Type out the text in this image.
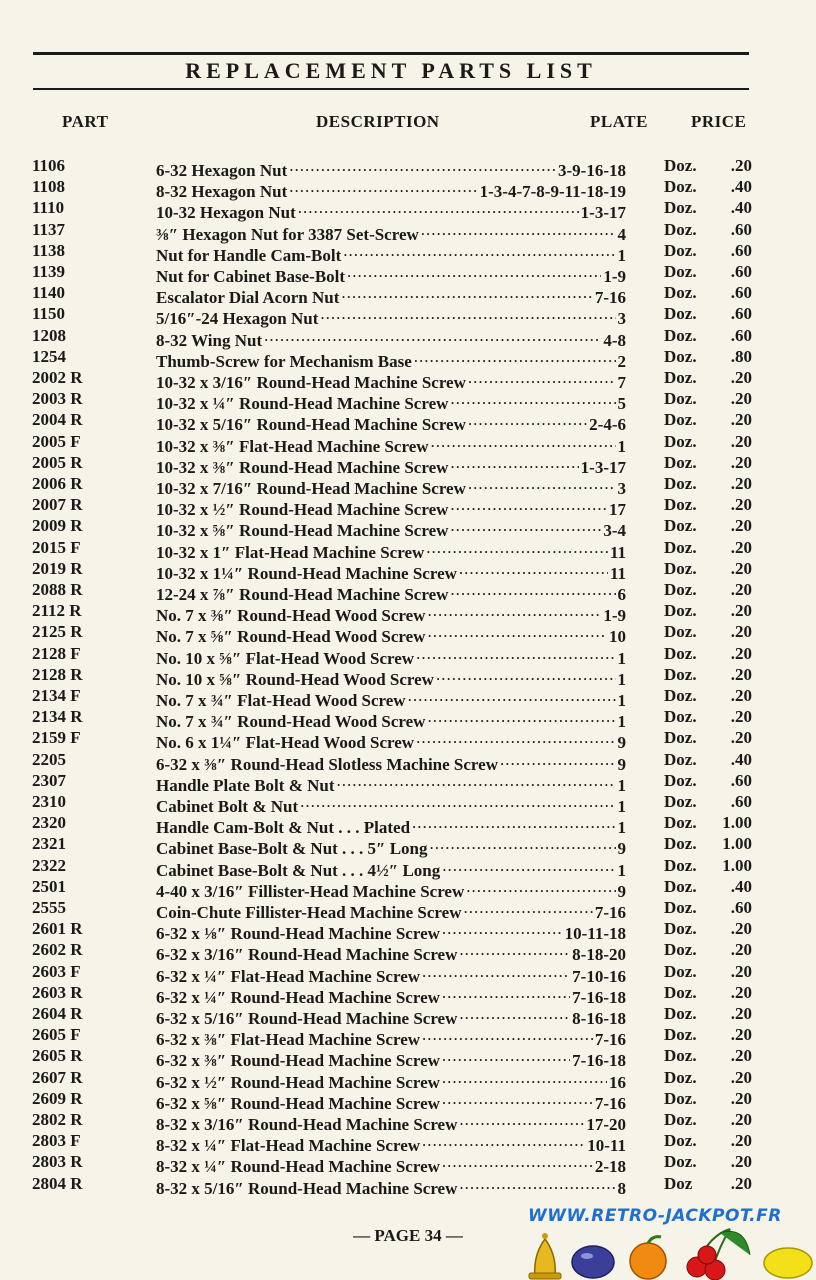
REPLACEMENT PARTS LIST
PART	DESCRIPTION	PLATE	PRICE
1106	6-32 Hexagon Nut .....	3-9-16-18 Doz. .20
1108	8-32 Hexagon Nut .....	1-3-4-7-8-9-11-18-19 Doz. .40
1110	10-32 Hexagon Nut .....	1-3-17 Doz. .40
1137	⅜″ Hexagon Nut for 3387 Set-Screw .....	4 Doz. .60
1138	Nut for Handle Cam-Bolt .....	1 Doz. .60
1139	Nut for Cabinet Base-Bolt .....	1-9 Doz. .60
1140	Escalator Dial Acorn Nut .....	7-16 Doz. .60
1150	5/16″-24 Hexagon Nut .....	3 Doz. .60
1208	8-32 Wing Nut .....	4-8 Doz. .60
1254	Thumb-Screw for Mechanism Base .....	2 Doz. .80
2002 R	10-32 x 3/16″ Round-Head Machine Screw .....	7 Doz. .20
2003 R	10-32 x ¼″ Round-Head Machine Screw .....	5 Doz. .20
2004 R	10-32 x 5/16″ Round-Head Machine Screw .....	2-4-6 Doz. .20
2005 F	10-32 x ⅜″ Flat-Head Machine Screw .....	1 Doz. .20
2005 R	10-32 x ⅜″ Round-Head Machine Screw .....	1-3-17 Doz. .20
2006 R	10-32 x 7/16″ Round-Head Machine Screw .....	3 Doz. .20
2007 R	10-32 x ½″ Round-Head Machine Screw .....	17 Doz. .20
2009 R	10-32 x ⅝″ Round-Head Machine Screw .....	3-4 Doz. .20
2015 F	10-32 x 1″ Flat-Head Machine Screw .....	11 Doz. .20
2019 R	10-32 x 1¼″ Round-Head Machine Screw .....	11 Doz. .20
2088 R	12-24 x ⅞″ Round-Head Machine Screw .....	6 Doz. .20
2112 R	No. 7 x ⅜″ Round-Head Wood Screw .....	1-9 Doz. .20
2125 R	No. 7 x ⅝″ Round-Head Wood Screw .....	10 Doz. .20
2128 F	No. 10 x ⅝″ Flat-Head Wood Screw .....	1 Doz. .20
2128 R	No. 10 x ⅝″ Round-Head Wood Screw .....	1 Doz. .20
2134 F	No. 7 x ¾″ Flat-Head Wood Screw .....	1 Doz. .20
2134 R	No. 7 x ¾″ Round-Head Wood Screw .....	1 Doz. .20
2159 F	No. 6 x 1¼″ Flat-Head Wood Screw .....	9 Doz. .20
2205	6-32 x ⅜″ Round-Head Slotless Machine Screw .....	9 Doz. .40
2307	Handle Plate Bolt & Nut .....	1 Doz. .60
2310	Cabinet Bolt & Nut .....	1 Doz. .60
2320	Handle Cam-Bolt & Nut . . . Plated .....	1 Doz. 1.00
2321	Cabinet Base-Bolt & Nut . . . 5″ Long .....	9 Doz. 1.00
2322	Cabinet Base-Bolt & Nut . . . 4½″ Long .....	1 Doz. 1.00
2501	4-40 x 3/16″ Fillister-Head Machine Screw .....	9 Doz. .40
2555	Coin-Chute Fillister-Head Machine Screw .....	7-16 Doz. .60
2601 R	6-32 x ⅛″ Round-Head Machine Screw .....	10-11-18 Doz. .20
2602 R	6-32 x 3/16″ Round-Head Machine Screw .....	8-18-20 Doz. .20
2603 F	6-32 x ¼″ Flat-Head Machine Screw .....	7-10-16 Doz. .20
2603 R	6-32 x ¼″ Round-Head Machine Screw .....	7-16-18 Doz. .20
2604 R	6-32 x 5/16″ Round-Head Machine Screw .....	8-16-18 Doz. .20
2605 F	6-32 x ⅜″ Flat-Head Machine Screw .....	7-16 Doz. .20
2605 R	6-32 x ⅜″ Round-Head Machine Screw .....	7-16-18 Doz. .20
2607 R	6-32 x ½″ Round-Head Machine Screw .....	16 Doz. .20
2609 R	6-32 x ⅝″ Round-Head Machine Screw .....	7-16 Doz. .20
2802 R	8-32 x 3/16″ Round-Head Machine Screw .....	17-20 Doz. .20
2803 F	8-32 x ¼″ Flat-Head Machine Screw .....	10-11 Doz. .20
2803 R	8-32 x ¼″ Round-Head Machine Screw .....	2-18 Doz. .20
2804 R	8-32 x 5/16″ Round-Head Machine Screw .....	8 Doz .20
— PAGE 34 —
WWW.RETRO-JACKPOT.FR
